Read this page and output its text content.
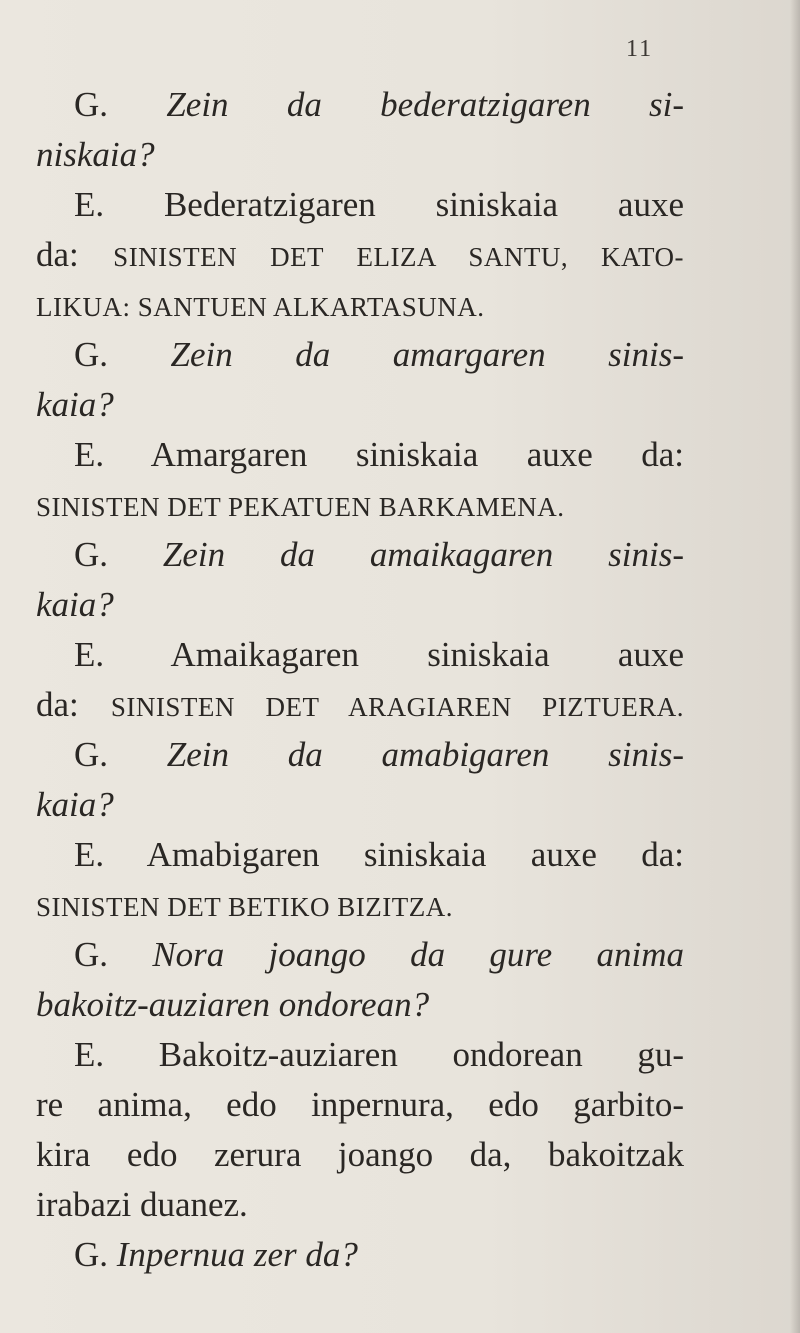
11
G. Zein da bederatzigaren si-
niskaia?
E. Bederatzigaren siniskaia auxe
da: SINISTEN DET ELIZA SANTU, KATO-
LIKUA: SANTUEN ALKARTASUNA.
G. Zein da amargaren sinis-
kaia?
E. Amargaren siniskaia auxe da:
SINISTEN DET PEKATUEN BARKAMENA.
G. Zein da amaikagaren sinis-
kaia?
E. Amaikagaren siniskaia auxe
da: SINISTEN DET ARAGIAREN PIZTUERA.
G. Zein da amabigaren sinis-
kaia?
E. Amabigaren siniskaia auxe da:
SINISTEN DET BETIKO BIZITZA.
G. Nora joango da gure anima
bakoitz-auziaren ondorean?
E. Bakoitz-auziaren ondorean gu-
re anima, edo inpernura, edo garbito-
kira edo zerura joango da, bakoitzak
irabazi duanez.
G. Inpernua zer da?
